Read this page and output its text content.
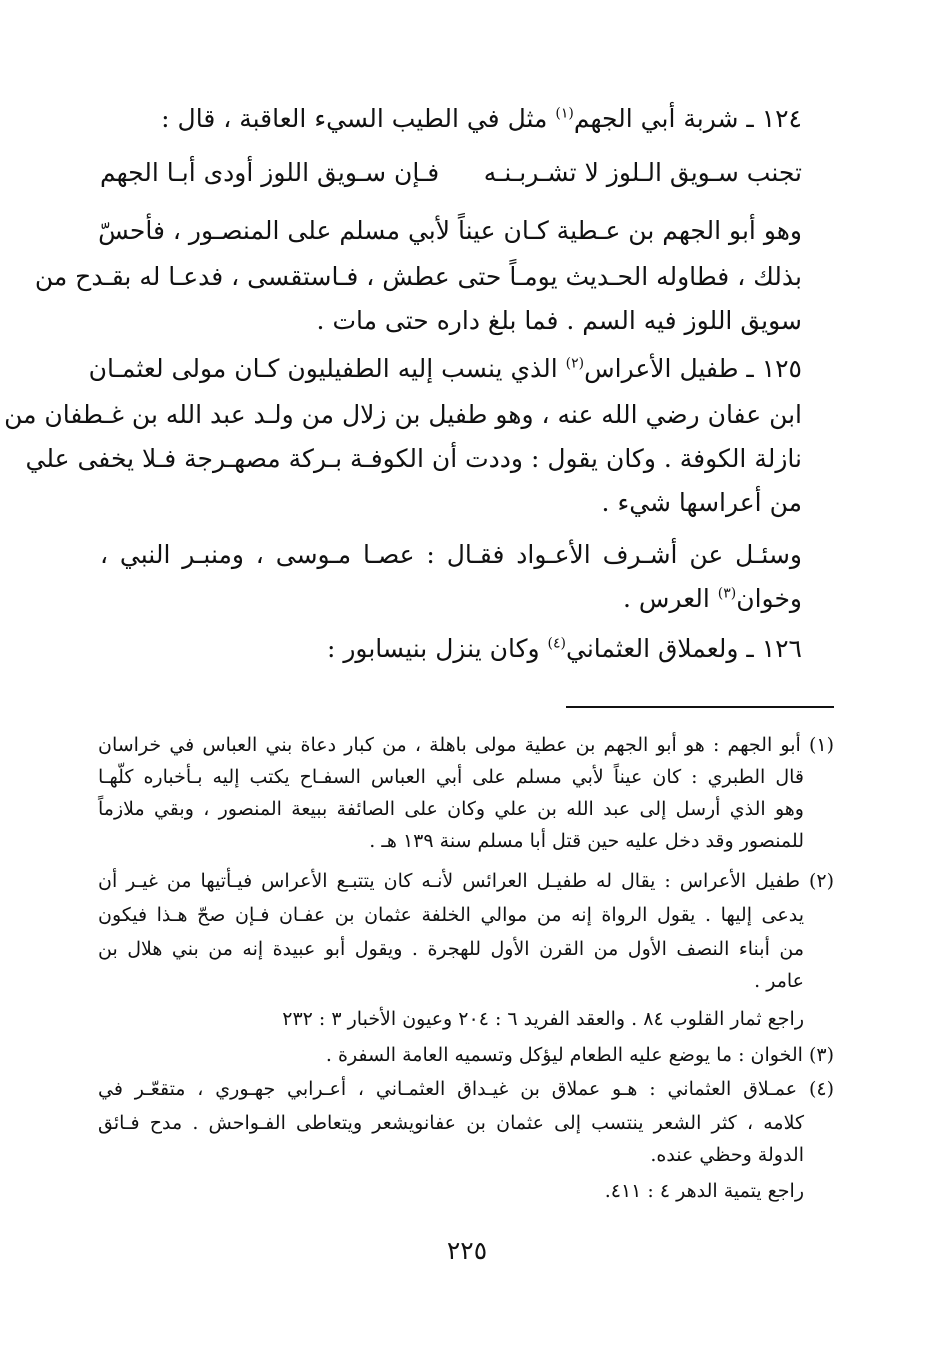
١٢٤ ـ شربة أبي الجهم$^{(١)}$ مثل في الطيب السيء العاقبة ، قال :
تجنب سـويق الـلوز لا تشـربـنـه
فـإن سـويق اللوز أودى أبـا الجهم
وهو أبو الجهم بن عـطية كـان عيناً لأبي مسلم على المنصـور ، فأحسّ
بذلك ، فطاوله الحـديث يومـاً حتى عطش ، فـاستقسى ، فدعـا له بقـدح من
سويق اللوز فيه السم . فما بلغ داره حتى مات .
١٢٥ ـ طفيل الأعراس$^{(٢)}$ الذي ينسب إليه الطفيليون كـان مولى لعثمـان
ابن عفان رضي الله عنه ، وهو طفيل بن زلال من ولـد عبد الله بن غـطفان من
نازلة الكوفة . وكان يقول : وددت أن الكوفـة بـركة مصهـرجة فـلا يخفى علي
من أعراسها شيء .
وسئـل عن أشـرف الأعـواد فقـال : عصـا مـوسى ، ومنبـر النبي ،
وخوان$^{(٣)}$ العرس .
١٢٦ ـ ولعملاق العثماني$^{(٤)}$ وكان ينزل بنيسابور :
(١) أبو الجهم : هو أبو الجهم بن عطية مولى باهلة ، من كبار دعاة بني العباس في خراسان
قال الطبري : كان عيناً لأبي مسلم على أبي العباس السفـاح يكتب إليه بـأخباره كلّهـا
وهو الذي أرسل إلى عبد الله بن علي وكان على الصائفة ببيعة المنصور ، وبقي ملازماً
للمنصور وقد دخل عليه حين قتل أبا مسلم سنة ١٣٩ هـ .
(٢) طفيل الأعراس : يقال له طفيـل العرائس لأنـه كان يتتبـع الأعراس فيـأتيها من غيـر أن
يدعى إليها . يقول الرواة إنه من موالي الخلفة عثمان بن عفـان فـإن صحّ هـذا فيكون
من أبناء النصف الأول من القرن الأول للهجرة . ويقول أبو عبيدة إنه من بني هلال بن
عامر .
راجع ثمار القلوب ٨٤ . والعقد الفريد ٦ : ٢٠٤ وعيون الأخبار ٣ : ٢٣٢
(٣) الخوان : ما يوضع عليه الطعام ليؤكل وتسميه العامة السفرة .
(٤) عمـلاق العثماني : هـو عملاق بن غيـداق العثمـاني ، أعـرابي جهـوري ، متقعّـر في
كلامه ، كثر الشعر ينتسب إلى عثمان بن عفانويشعر ويتعاطى الفـواحش . مدح فـائق
الدولة وحظي عنده.
راجع يتمية الدهر ٤ : ٤١١.
٢٢٥
